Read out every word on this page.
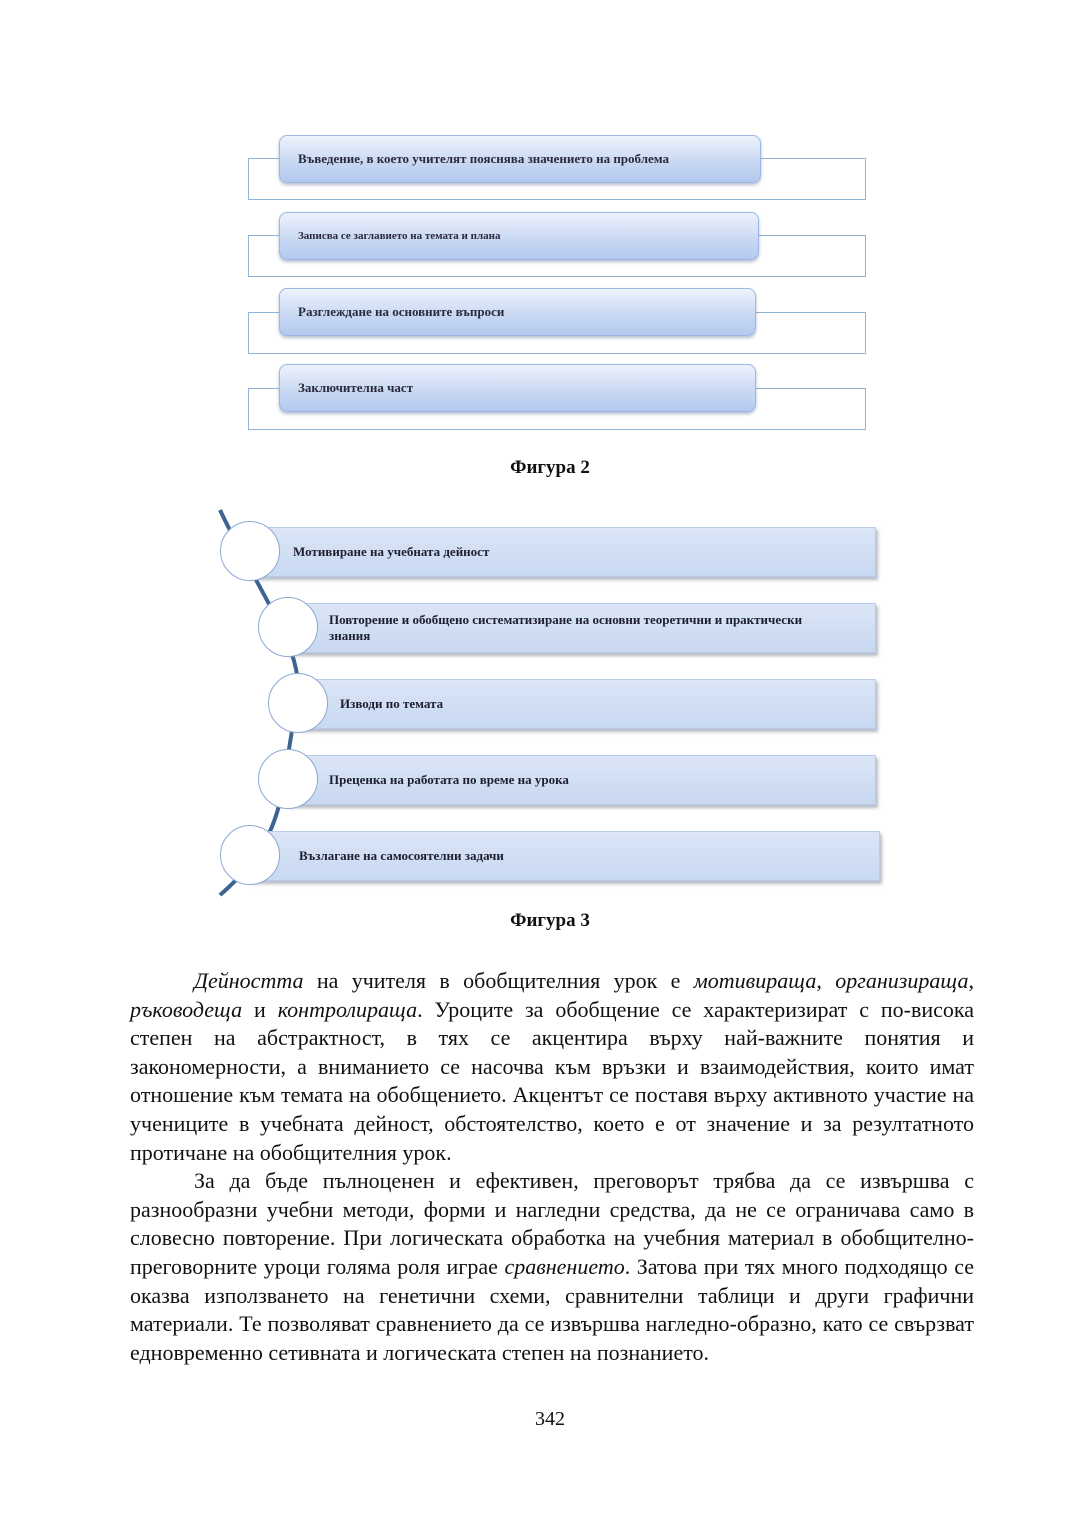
Въведение, в което учителят пояснява значението на проблема
Записва се заглавието на темата и плана
Разглеждане на основните въпроси
Заключителна част
Фигура 2
Мотивиране на учебната дейност
Повторение и обобщено систематизиране на основни теоретични и практически знания
Изводи по темата
Преценка на работата по време на урока
Възлагане на самосоятелни задачи
Фигура 3

Дейността на учителя в обобщителния урок е мотивираща, организираща, ръководеща и контролираща. Уроците за обобщение се характеризират с по-висока степен на абстрактност, в тях се акцентира върху най-важните понятия и закономерности, а вниманието се насочва към връзки и взаимодействия, които имат отношение към темата на обобщението. Акцентът се поставя върху активното участие на учениците в учебната дейност, обстоятелство, което е от значение и за резултатното протичане на обобщителния урок.

За да бъде пълноценен и ефективен, преговорът трябва да се извършва с разнообразни учебни методи, форми и нагледни средства, да не се ограничава само в словесно повторение. При логическата обработка на учебния материал в обобщително-преговорните уроци голяма роля играе сравнението. Затова при тях много подходящо се оказва използването на генетични схеми, сравнителни таблици и други графични материали. Те позволяват сравнението да се извършва нагледно-образно, като се свързват едновременно сетивната и логическата степен на познанието.

342
